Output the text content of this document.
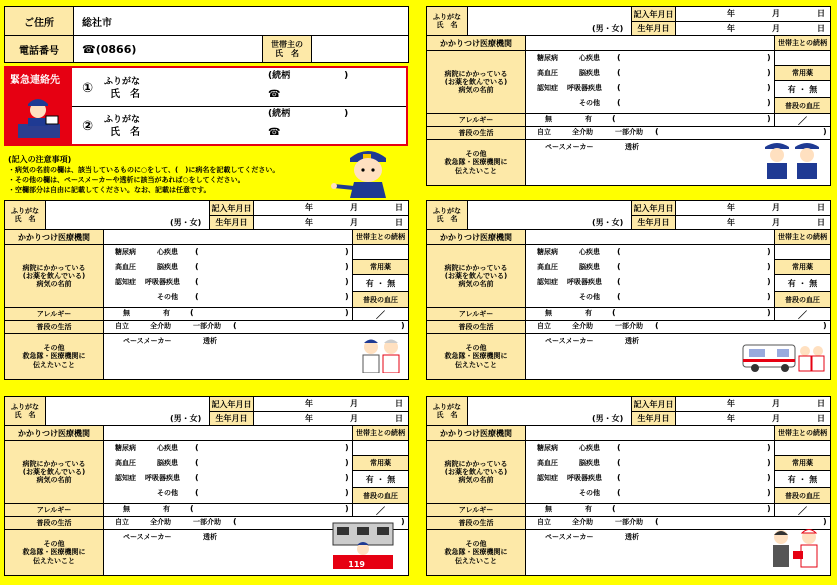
ご住所	総社市
電話番号	☎(0866)	世帯主の
氏　名
緊急連絡先
① ふりがな
氏　名
(続柄　　　　　　)
☎
② ふりがな
氏　名
(続柄　　　　　　)
☎
(記入の注意事項)
・病気の名前の欄は、該当しているものに○をして、(　)に病名を記載してください。
・その他の欄は、ペースメーカーや透析に該当があれば○をしてください。
・空欄部分は自由に記載してください。なお、記載は任意です。
ふりがな
氏　名	(男・女)
記入年月日
生年月日
年	月	日
年	月	日
かかりつけ医療機関	世帯主との続柄
病院にかかっている
(お薬を飲んでいる)
病気の名前
糖尿病	心疾患 (	)
高血圧	脳疾患 (	)
認知症 呼吸器疾患 (	)
その他 (	)
常用薬
有 ・ 無
普段の血圧
アレルギー	無	有	(	)	／
普段の生活	自立	全介助	一部介助 (	)
その他
救急隊・医療機関に
伝えたいこと
ペースメーカー	透析
ふりがな
氏　名	(男・女)
記入年月日
生年月日
年	月	日
年	月	日
かかりつけ医療機関	世帯主との続柄
病院にかかっている
(お薬を飲んでいる)
病気の名前
糖尿病	心疾患 (	)
高血圧	脳疾患 (	)
認知症 呼吸器疾患 (	)
その他 (	)
常用薬
有 ・ 無
普段の血圧
アレルギー	無	有	(	)	／
普段の生活	自立	全介助	一部介助 (	)
その他
救急隊・医療機関に
伝えたいこと
ペースメーカー	透析
ふりがな
氏　名	(男・女)
記入年月日
生年月日
年	月	日
年	月	日
かかりつけ医療機関	世帯主との続柄
病院にかかっている
(お薬を飲んでいる)
病気の名前
糖尿病	心疾患 (	)
高血圧	脳疾患 (	)
認知症 呼吸器疾患 (	)
その他 (	)
常用薬
有 ・ 無
普段の血圧
アレルギー	無	有	(	)	／
普段の生活	自立	全介助	一部介助 (	)
その他
救急隊・医療機関に
伝えたいこと
ペースメーカー	透析
ふりがな
氏　名	(男・女)
記入年月日
生年月日
年	月	日
年	月	日
かかりつけ医療機関	世帯主との続柄
病院にかかっている
(お薬を飲んでいる)
病気の名前
糖尿病	心疾患 (	)
高血圧	脳疾患 (	)
認知症 呼吸器疾患 (	)
その他 (	)
常用薬
有 ・ 無
普段の血圧
アレルギー	無	有	(	)	／
普段の生活	自立	全介助	一部介助 (	)
その他
救急隊・医療機関に
伝えたいこと
ペースメーカー	透析
119
ふりがな
氏　名	(男・女)
記入年月日
生年月日
年	月	日
年	月	日
かかりつけ医療機関	世帯主との続柄
病院にかかっている
(お薬を飲んでいる)
病気の名前
糖尿病	心疾患 (	)
高血圧	脳疾患 (	)
認知症 呼吸器疾患 (	)
その他 (	)
常用薬
有 ・ 無
普段の血圧
アレルギー	無	有	(	)	／
普段の生活	自立	全介助	一部介助 (	)
その他
救急隊・医療機関に
伝えたいこと
ペースメーカー	透析
